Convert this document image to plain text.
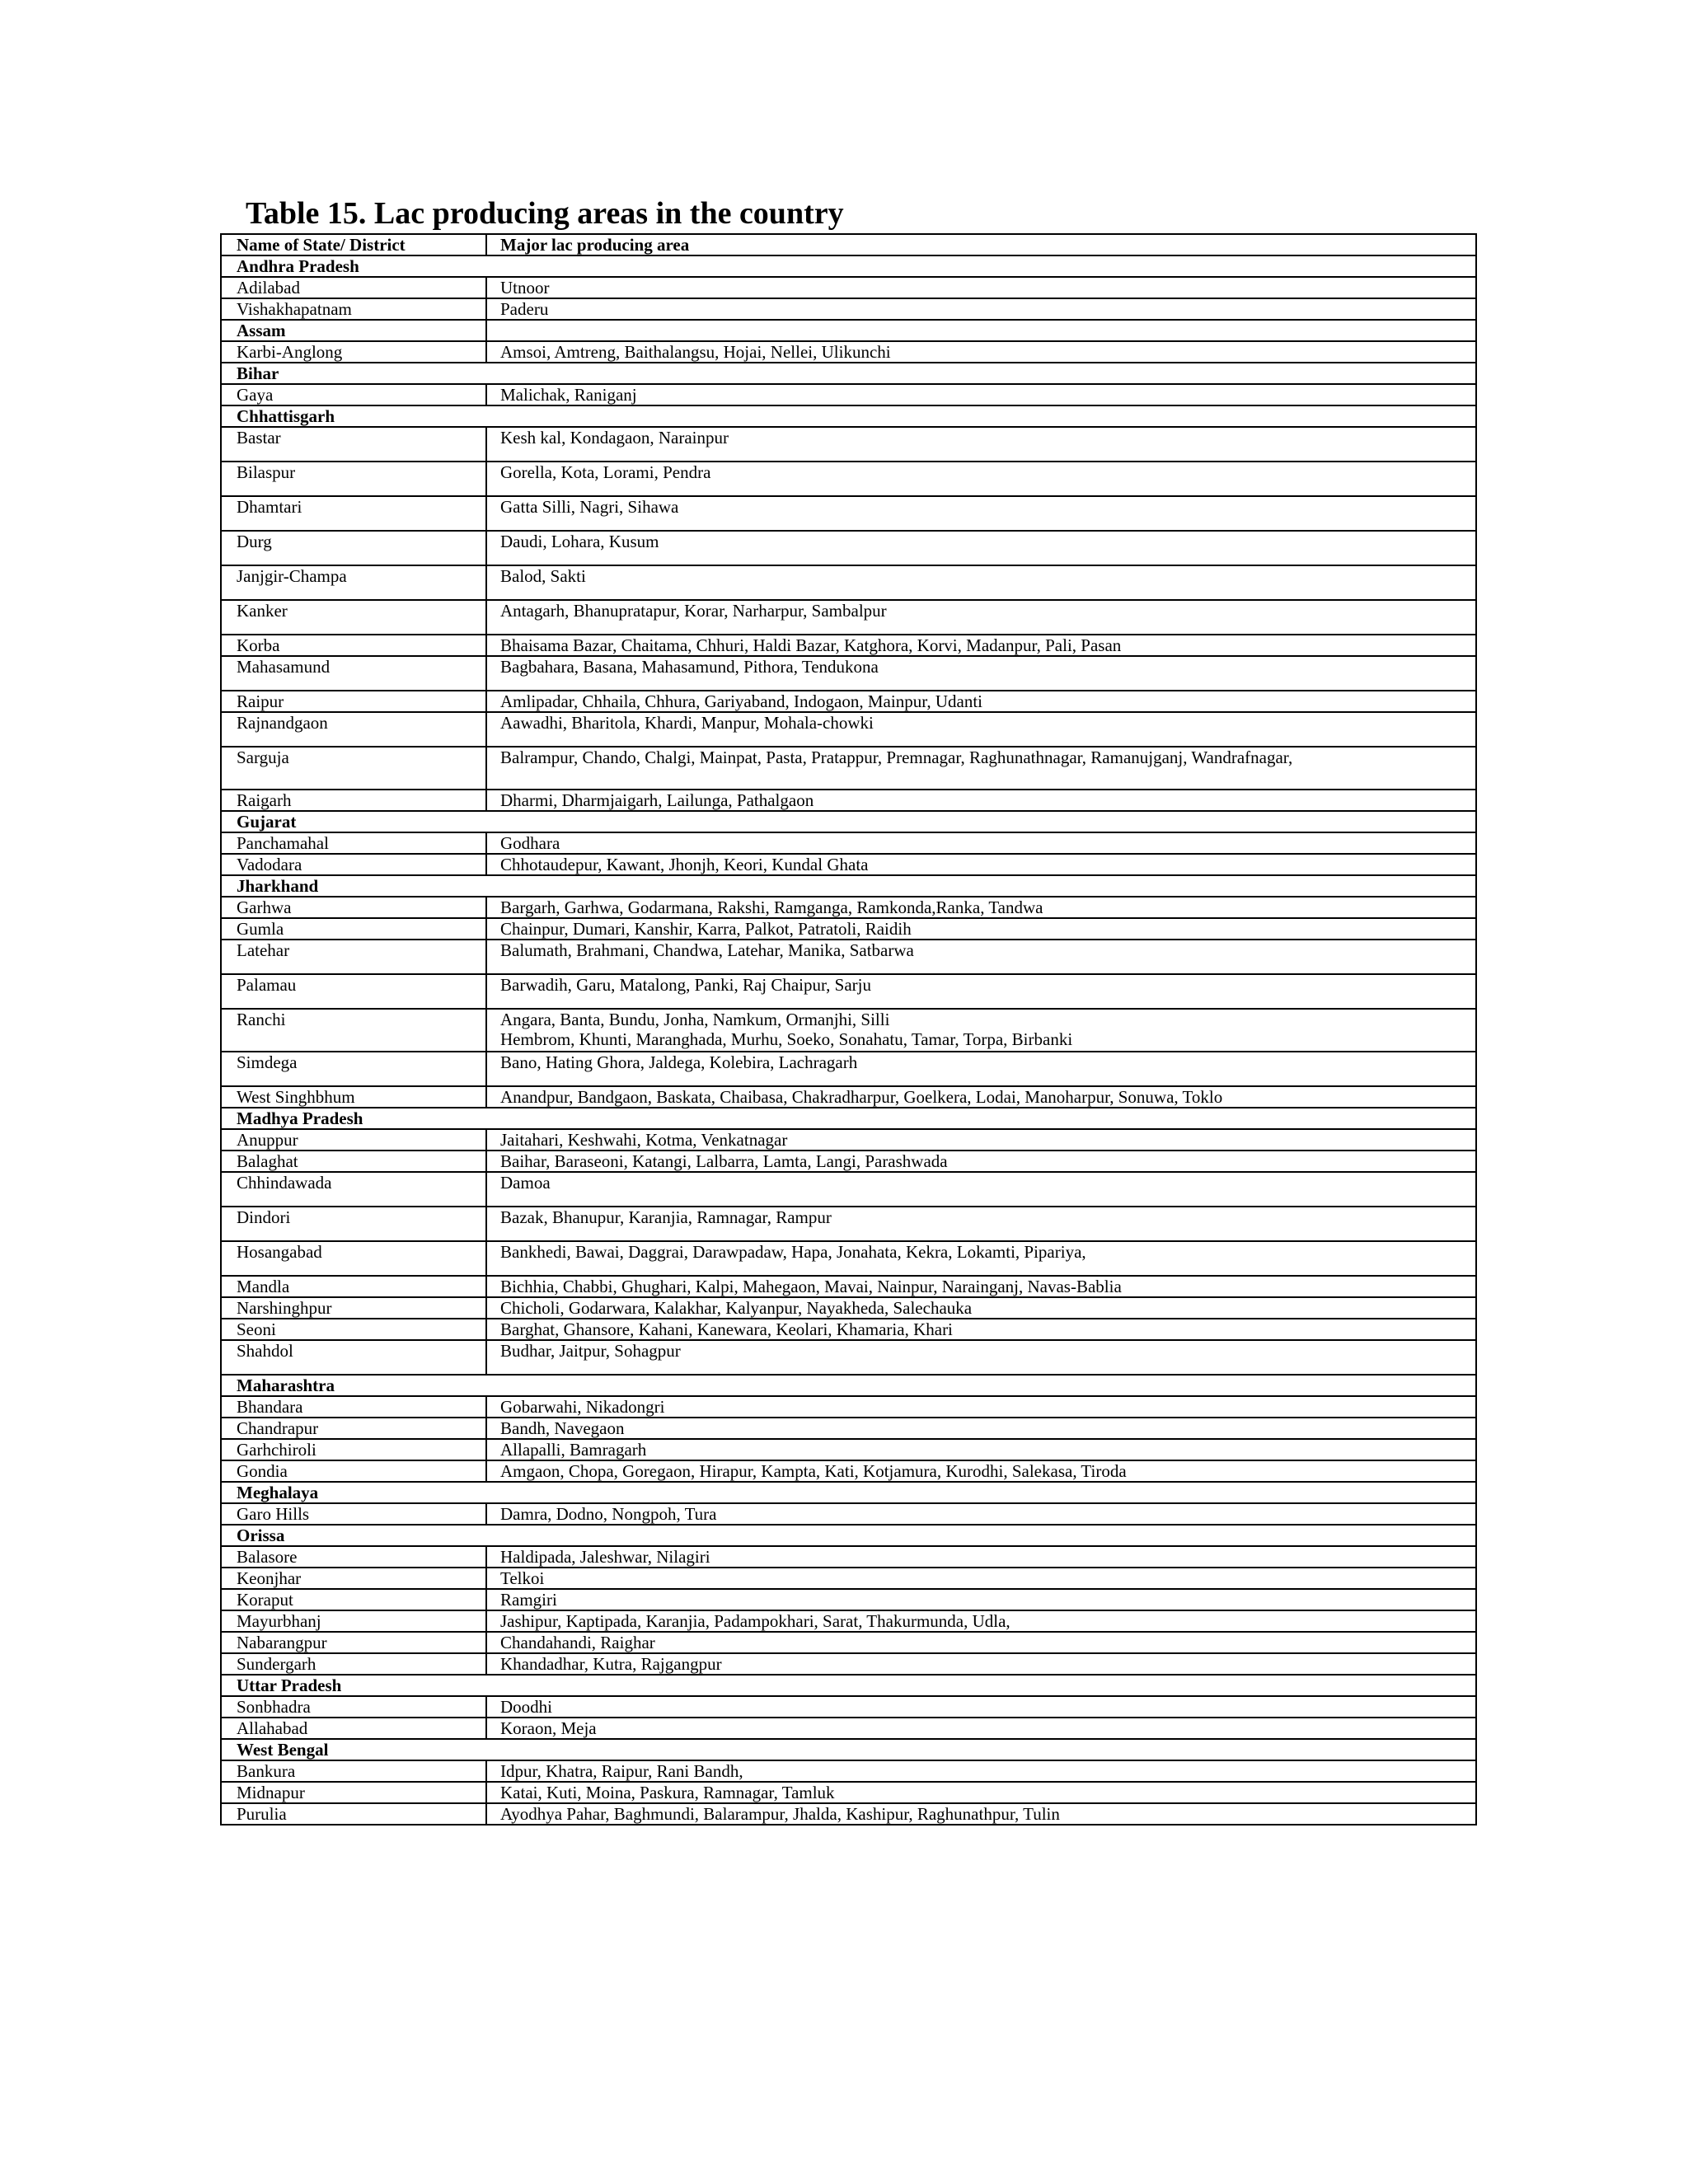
Table 15. Lac producing areas in the country
Name of State/ District	Major lac producing area
Andhra Pradesh	
Adilabad	Utnoor
Vishakhapatnam	Paderu
Assam	
Karbi-Anglong	Amsoi, Amtreng, Baithalangsu, Hojai, Nellei, Ulikunchi
Bihar	
Gaya	Malichak, Raniganj
Chhattisgarh	
Bastar	Kesh kal, Kondagaon, Narainpur
Bilaspur	Gorella, Kota, Lorami, Pendra
Dhamtari	Gatta Silli, Nagri, Sihawa
Durg	Daudi, Lohara, Kusum
Janjgir-Champa	Balod, Sakti
Kanker	Antagarh, Bhanupratapur, Korar, Narharpur, Sambalpur
Korba	Bhaisama Bazar, Chaitama, Chhuri, Haldi Bazar, Katghora, Korvi, Madanpur, Pali, Pasan
Mahasamund	Bagbahara, Basana, Mahasamund, Pithora, Tendukona
Raipur	Amlipadar, Chhaila, Chhura, Gariyaband, Indogaon, Mainpur, Udanti
Rajnandgaon	Aawadhi, Bharitola, Khardi, Manpur, Mohala-chowki
Sarguja	Balrampur, Chando, Chalgi, Mainpat, Pasta, Pratappur, Premnagar, Raghunathnagar, Ramanujganj, Wandrafnagar,
Raigarh	Dharmi, Dharmjaigarh, Lailunga, Pathalgaon
Gujarat	
Panchamahal	Godhara
Vadodara	Chhotaudepur, Kawant, Jhonjh, Keori, Kundal Ghata
Jharkhand	
Garhwa	Bargarh, Garhwa, Godarmana, Rakshi, Ramganga, Ramkonda,Ranka, Tandwa
Gumla	Chainpur, Dumari, Kanshir, Karra, Palkot, Patratoli, Raidih
Latehar	Balumath, Brahmani, Chandwa, Latehar, Manika, Satbarwa
Palamau	Barwadih, Garu, Matalong, Panki, Raj Chaipur, Sarju
Ranchi	Angara, Banta, Bundu, Jonha, Namkum, Ormanjhi, Silli
Hembrom, Khunti, Maranghada, Murhu, Soeko, Sonahatu, Tamar, Torpa, Birbanki

Simdega	Bano, Hating Ghora, Jaldega, Kolebira, Lachragarh
West Singhbhum	Anandpur, Bandgaon, Baskata, Chaibasa, Chakradharpur, Goelkera, Lodai, Manoharpur, Sonuwa, Toklo
Madhya Pradesh	
Anuppur	Jaitahari, Keshwahi, Kotma, Venkatnagar
Balaghat	Baihar, Baraseoni, Katangi, Lalbarra, Lamta, Langi, Parashwada
Chhindawada	Damoa
Dindori	Bazak, Bhanupur, Karanjia, Ramnagar, Rampur
Hosangabad	Bankhedi, Bawai, Daggrai, Darawpadaw, Hapa, Jonahata, Kekra, Lokamti, Pipariya,
Mandla	Bichhia, Chabbi, Ghughari, Kalpi, Mahegaon, Mavai, Nainpur, Narainganj, Navas-Bablia
Narshinghpur	Chicholi, Godarwara, Kalakhar, Kalyanpur, Nayakheda, Salechauka
Seoni	Barghat, Ghansore, Kahani, Kanewara, Keolari, Khamaria, Khari
Shahdol	Budhar, Jaitpur, Sohagpur
Maharashtra	
Bhandara	Gobarwahi, Nikadongri
Chandrapur	Bandh, Navegaon
Garhchiroli	Allapalli, Bamragarh
Gondia	Amgaon, Chopa, Goregaon, Hirapur, Kampta, Kati, Kotjamura, Kurodhi, Salekasa, Tiroda
Meghalaya	
Garo Hills	Damra, Dodno, Nongpoh, Tura
Orissa	
Balasore	Haldipada, Jaleshwar, Nilagiri
Keonjhar	Telkoi
Koraput	Ramgiri
Mayurbhanj	Jashipur, Kaptipada, Karanjia, Padampokhari, Sarat, Thakurmunda, Udla,
Nabarangpur	Chandahandi, Raighar
Sundergarh	Khandadhar, Kutra, Rajgangpur
Uttar Pradesh	
Sonbhadra	Doodhi
Allahabad	Koraon, Meja
West Bengal	
Bankura	Idpur, Khatra, Raipur, Rani Bandh,
Midnapur	Katai, Kuti, Moina, Paskura, Ramnagar, Tamluk
Purulia	Ayodhya Pahar, Baghmundi, Balarampur, Jhalda, Kashipur, Raghunathpur, Tulin
